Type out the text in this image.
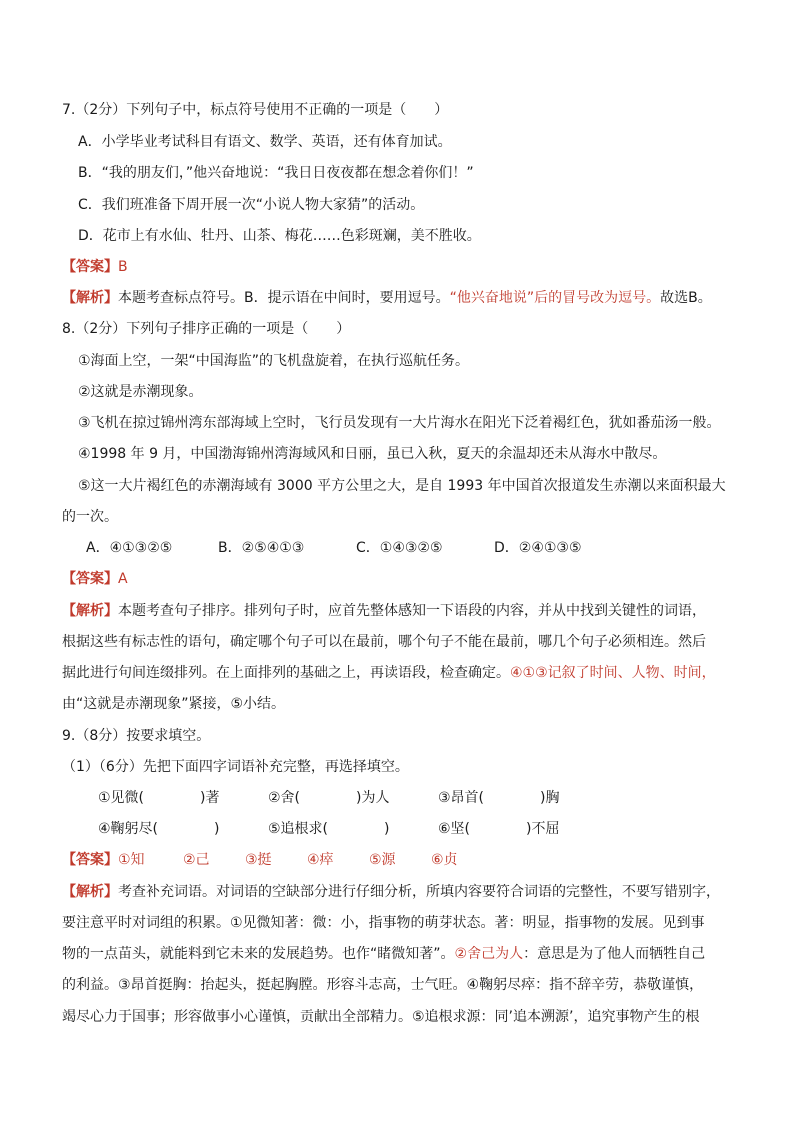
7.（2分）下列句子中，标点符号使用不正确的一项是（　　）
A．小学毕业考试科目有语文、数学、英语，还有体育加试。
B．“我的朋友们，”他兴奋地说：“我日日夜夜都在想念着你们！”
C．我们班准备下周开展一次“小说人物大家猜”的活动。
D．花市上有水仙、牡丹、山茶、梅花……色彩斑斓，美不胜收。
【答案】B
【解析】本题考查标点符号。B．提示语在中间时，要用逗号。“他兴奋地说”后的冒号改为逗号。故选B。
8.（2分）下列句子排序正确的一项是（　　）
①海面上空，一架“中国海监”的飞机盘旋着，在执行巡航任务。
②这就是赤潮现象。
③飞机在掠过锦州湾东部海域上空时，飞行员发现有一大片海水在阳光下泛着褐红色，犹如番茄汤一般。
④1998 年 9 月，中国渤海锦州湾海域风和日丽，虽已入秋，夏天的余温却还未从海水中散尽。
⑤这一大片褐红色的赤潮海域有 3000 平方公里之大，是自 1993 年中国首次报道发生赤潮以来面积最大
的一次。
A．④①③②⑤	B．②⑤④①③	C．①④③②⑤	D．②④①③⑤
【答案】A
【解析】本题考查句子排序。排列句子时，应首先整体感知一下语段的内容，并从中找到关键性的词语，
根据这些有标志性的语句，确定哪个句子可以在最前，哪个句子不能在最前，哪几个句子必须相连。然后
据此进行句间连缀排列。在上面排列的基础之上，再读语段，检查确定。④①③记叙了时间、人物、时间，
由“这就是赤潮现象”紧接，⑤小结。
9.（8分）按要求填空。
（1）（6分）先把下面四字词语补充完整，再选择填空。
①见微(　　　　)著	②舍(　　　　)为人	③昂首(　　　　)胸
④鞠躬尽(　　　　)	⑤追根求(　　　　)	⑥坚(　　　　)不屈
【答案】①知	②己	③挺	④瘁	⑤源	⑥贞
【解析】考查补充词语。对词语的空缺部分进行仔细分析，所填内容要符合词语的完整性，不要写错别字，
要注意平时对词组的积累。①见微知著：微：小，指事物的萌芽状态。著：明显，指事物的发展。见到事
物的一点苗头，就能料到它未来的发展趋势。也作“睹微知著”。②舍己为人：意思是为了他人而牺牲自己
的利益。③昂首挺胸：抬起头，挺起胸膛。形容斗志高，士气旺。④鞠躬尽瘁：指不辞辛劳，恭敬谨慎，
竭尽心力于国事；形容做事小心谨慎，贡献出全部精力。⑤追根求源：同’追本溯源’，追究事物产生的根
